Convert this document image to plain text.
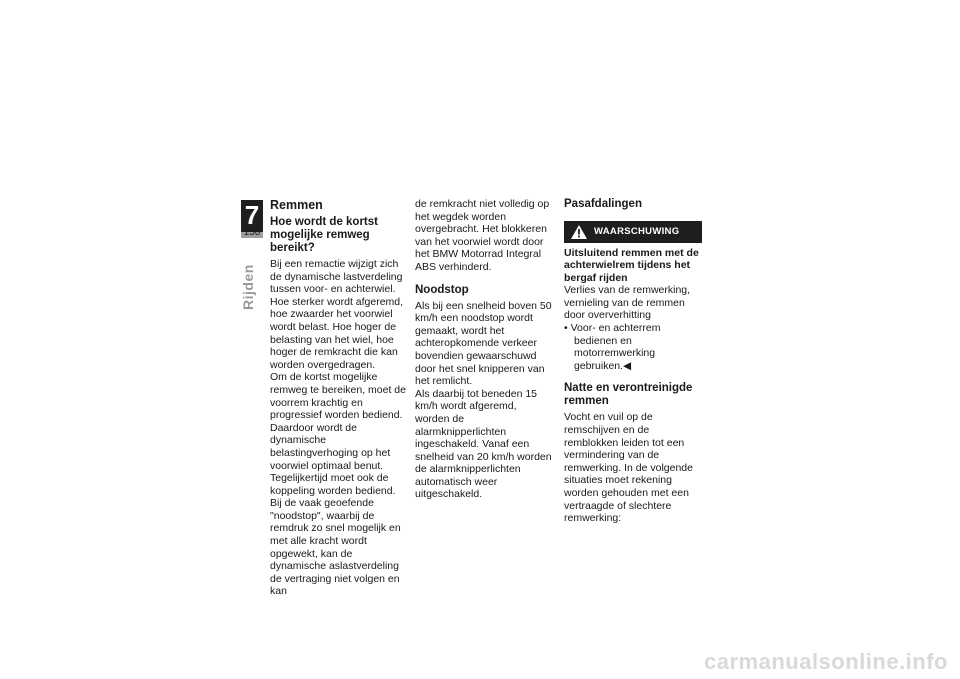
7
150
Rijden
Remmen
Hoe wordt de kortst mogelijke remweg bereikt?

Bij een remactie wijzigt zich de dynamische lastverdeling tussen voor- en achterwiel. Hoe sterker wordt afgeremd, hoe zwaarder het voorwiel wordt belast. Hoe hoger de belasting van het wiel, hoe hoger de remkracht die kan worden overgedragen.

Om de kortst mogelijke remweg te bereiken, moet de voorrem krachtig en progressief worden bediend. Daardoor wordt de dynamische belastingverhoging op het voorwiel optimaal benut. Tegelijkertijd moet ook de koppeling worden bediend. Bij de vaak geoefende "noodstop", waarbij de remdruk zo snel mogelijk en met alle kracht wordt opgewekt, kan de dynamische aslastverdeling de vertraging niet volgen en kan

de remkracht niet volledig op het wegdek worden overgebracht. Het blokkeren van het voorwiel wordt door het BMW Motorrad Integral ABS verhinderd.

Noodstop

Als bij een snelheid boven 50 km/h een noodstop wordt gemaakt, wordt het achteropkomende verkeer bovendien gewaarschuwd door het snel knipperen van het remlicht.

Als daarbij tot beneden 15 km/h wordt afgeremd, worden de alarmknipperlichten ingeschakeld. Vanaf een snelheid van 20 km/h worden de alarmknipperlichten automatisch weer uitgeschakeld.

Pasafdalingen
WAARSCHUWING
Uitsluitend remmen met de achterwielrem tijdens het bergaf rijden

Verlies van de remwerking, vernieling van de remmen door oververhitting

• Voor- en achterrem bedienen en motorremwerking gebruiken.◀

Natte en verontreinigde remmen

Vocht en vuil op de remschijven en de remblokken leiden tot een vermindering van de remwerking. In de volgende situaties moet rekening worden gehouden met een vertraagde of slechtere remwerking:

carmanualsonline.info
